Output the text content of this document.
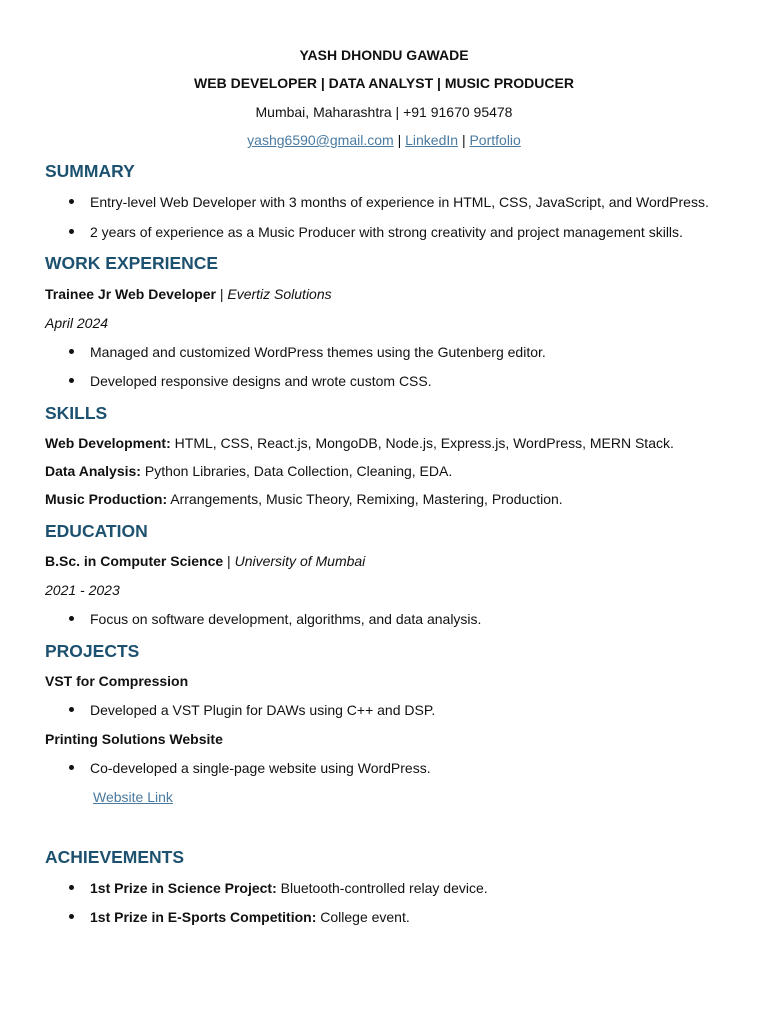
YASH DHONDU GAWADE
WEB DEVELOPER | DATA ANALYST | MUSIC PRODUCER
Mumbai, Maharashtra | +91 91670 95478
yashg6590@gmail.com | LinkedIn | Portfolio
SUMMARY
Entry-level Web Developer with 3 months of experience in HTML, CSS, JavaScript, and WordPress.
2 years of experience as a Music Producer with strong creativity and project management skills.
WORK EXPERIENCE
Trainee Jr Web Developer | Evertiz Solutions
April 2024
Managed and customized WordPress themes using the Gutenberg editor.
Developed responsive designs and wrote custom CSS.
SKILLS
Web Development: HTML, CSS, React.js, MongoDB, Node.js, Express.js, WordPress, MERN Stack.
Data Analysis: Python Libraries, Data Collection, Cleaning, EDA.
Music Production: Arrangements, Music Theory, Remixing, Mastering, Production.
EDUCATION
B.Sc. in Computer Science | University of Mumbai
2021 - 2023
Focus on software development, algorithms, and data analysis.
PROJECTS
VST for Compression
Developed a VST Plugin for DAWs using C++ and DSP.
Printing Solutions Website
Co-developed a single-page website using WordPress.
Website Link
ACHIEVEMENTS
1st Prize in Science Project: Bluetooth-controlled relay device.
1st Prize in E-Sports Competition: College event.
